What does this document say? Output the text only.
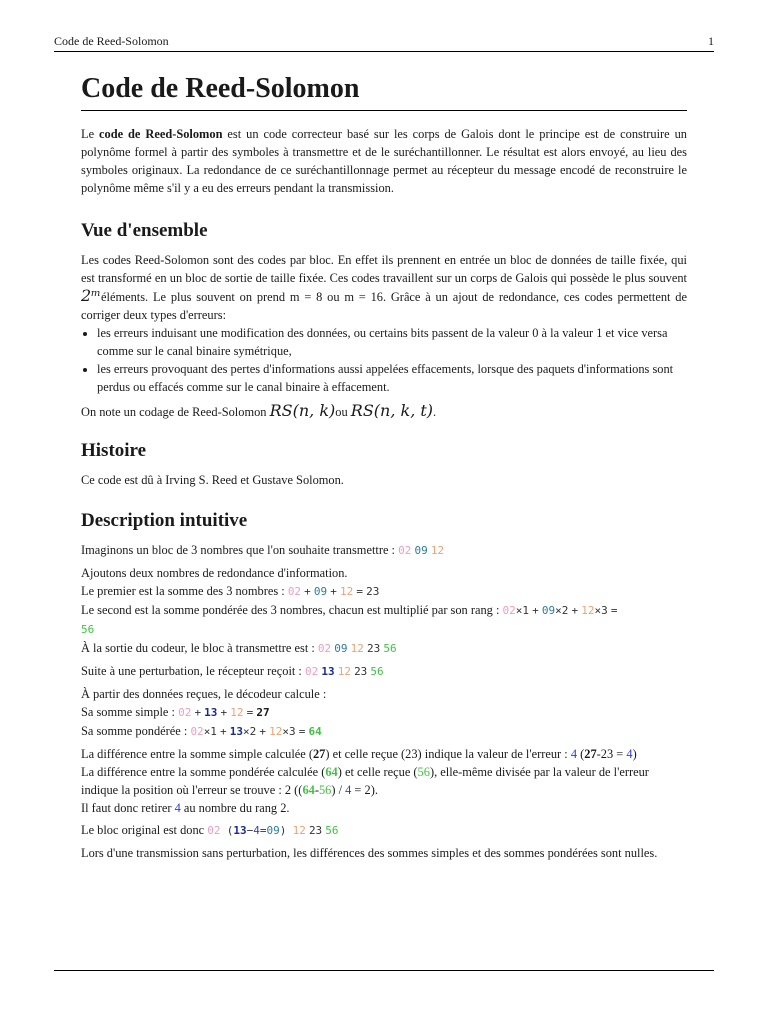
Code de Reed-Solomon	1
Code de Reed-Solomon

Le code de Reed-Solomon est un code correcteur basé sur les corps de Galois dont le principe est de construire un polynôme formel à partir des symboles à transmettre et de le suréchantillonner. Le résultat est alors envoyé, au lieu des symboles originaux. La redondance de ce suréchantillonnage permet au récepteur du message encodé de reconstruire le polynôme même s'il y a eu des erreurs pendant la transmission.

Vue d'ensemble

Les codes Reed-Solomon sont des codes par bloc. En effet ils prennent en entrée un bloc de données de taille fixée, qui est transformé en un bloc de sortie de taille fixée. Ces codes travaillent sur un corps de Galois qui possède le plus souvent 2ᵐéléments. Le plus souvent on prend m = 8 ou m = 16. Grâce à un ajout de redondance, ces codes permettent de corriger deux types d'erreurs:

• les erreurs induisant une modification des données, ou certains bits passent de la valeur 0 à la valeur 1 et vice versa comme sur le canal binaire symétrique,
• les erreurs provoquant des pertes d'informations aussi appelées effacements, lorsque des paquets d'informations sont perdus ou effacés comme sur le canal binaire à effacement.

On note un codage de Reed-Solomon RS(n, k)ou RS(n, k, t).

Histoire

Ce code est dû à Irving S. Reed et Gustave Solomon.

Description intuitive

Imaginons un bloc de 3 nombres que l'on souhaite transmettre : 02 09 12

Ajoutons deux nombres de redondance d'information.

Le premier est la somme des 3 nombres : 02 + 09 + 12 = 23

Le second est la somme pondérée des 3 nombres, chacun est multiplié par son rang : 02×1 + 09×2 + 12×3 =
56

À la sortie du codeur, le bloc à transmettre est : 02 09 12 23 56

Suite à une perturbation, le récepteur reçoit : 02 13 12 23 56

À partir des données reçues, le décodeur calcule :

Sa somme simple : 02 + 13 + 12 = 27

Sa somme pondérée : 02×1 + 13×2 + 12×3 = 64

La différence entre la somme simple calculée (27) et celle reçue (23) indique la valeur de l'erreur : 4 (27-23 = 4)

La différence entre la somme pondérée calculée (64) et celle reçue (56), elle-même divisée par la valeur de l'erreur indique la position où l'erreur se trouve : 2 ((64-56) / 4 = 2).

Il faut donc retirer 4 au nombre du rang 2.

Le bloc original est donc 02 (13−4=09) 12 23 56

Lors d'une transmission sans perturbation, les différences des sommes simples et des sommes pondérées sont nulles.
